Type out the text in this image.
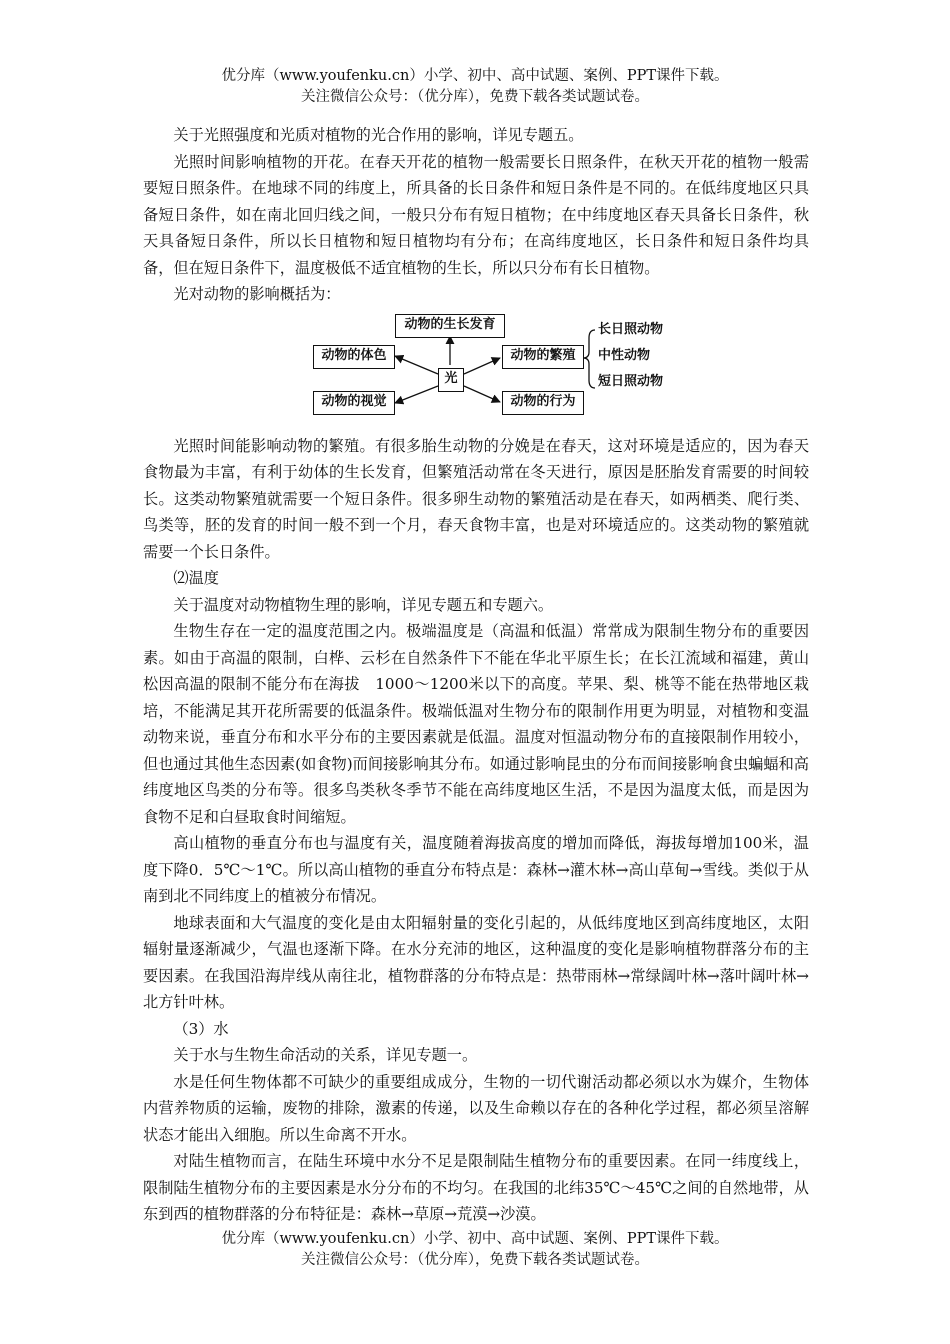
优分库（www.youfenku.cn）小学、初中、高中试题、案例、PPT课件下载。
关注微信公众号：（优分库），免费下载各类试题试卷。

关于光照强度和光质对植物的光合作用的影响，详见专题五。

光照时间影响植物的开花。在春天开花的植物一般需要长日照条件，在秋天开花的植物一般需要短日照条件。在地球不同的纬度上，所具备的长日条件和短日条件是不同的。在低纬度地区只具备短日条件，如在南北回归线之间，一般只分布有短日植物；在中纬度地区春天具备长日条件，秋天具备短日条件，所以长日植物和短日植物均有分布；在高纬度地区，长日条件和短日条件均具备，但在短日条件下，温度极低不适宜植物的生长，所以只分布有长日植物。

光对动物的影响概括为：

动物的生长发育
动物的体色
动物的视觉
光
动物的繁殖
动物的行为
长日照动物
中性动物
短日照动物

光照时间能影响动物的繁殖。有很多胎生动物的分娩是在春天，这对环境是适应的，因为春天食物最为丰富，有利于幼体的生长发育，但繁殖活动常在冬天进行，原因是胚胎发育需要的时间较长。这类动物繁殖就需要一个短日条件。很多卵生动物的繁殖活动是在春天，如两栖类、爬行类、鸟类等，胚的发育的时间一般不到一个月，春天食物丰富，也是对环境适应的。这类动物的繁殖就需要一个长日条件。

⑵温度

关于温度对动物植物生理的影响，详见专题五和专题六。

生物生存在一定的温度范围之内。极端温度是（高温和低温）常常成为限制生物分布的重要因素。如由于高温的限制，白桦、云杉在自然条件下不能在华北平原生长；在长江流域和福建，黄山松因高温的限制不能分布在海拔　1000～1200米以下的高度。苹果、梨、桃等不能在热带地区栽培，不能满足其开花所需要的低温条件。极端低温对生物分布的限制作用更为明显，对植物和变温动物来说，垂直分布和水平分布的主要因素就是低温。温度对恒温动物分布的直接限制作用较小，但也通过其他生态因素(如食物)而间接影响其分布。如通过影响昆虫的分布而间接影响食虫蝙蝠和高纬度地区鸟类的分布等。很多鸟类秋冬季节不能在高纬度地区生活，不是因为温度太低，而是因为食物不足和白昼取食时间缩短。

高山植物的垂直分布也与温度有关，温度随着海拔高度的增加而降低，海拔每增加100米，温度下降0．5℃～1℃。所以高山植物的垂直分布特点是：森林→灌木林→高山草甸→雪线。类似于从南到北不同纬度上的植被分布情况。

地球表面和大气温度的变化是由太阳辐射量的变化引起的，从低纬度地区到高纬度地区，太阳辐射量逐渐减少，气温也逐渐下降。在水分充沛的地区，这种温度的变化是影响植物群落分布的主要因素。在我国沿海岸线从南往北，植物群落的分布特点是：热带雨林→常绿阔叶林→落叶阔叶林→北方针叶林。

（3）水

关于水与生物生命活动的关系，详见专题一。

水是任何生物体都不可缺少的重要组成成分，生物的一切代谢活动都必须以水为媒介，生物体内营养物质的运输，废物的排除，激素的传递，以及生命赖以存在的各种化学过程，都必须呈溶解状态才能出入细胞。所以生命离不开水。

对陆生植物而言，在陆生环境中水分不足是限制陆生植物分布的重要因素。在同一纬度线上，限制陆生植物分布的主要因素是水分分布的不均匀。在我国的北纬35℃～45℃之间的自然地带，从东到西的植物群落的分布特征是：森林→草原→荒漠→沙漠。

优分库（www.youfenku.cn）小学、初中、高中试题、案例、PPT课件下载。
关注微信公众号：（优分库），免费下载各类试题试卷。
